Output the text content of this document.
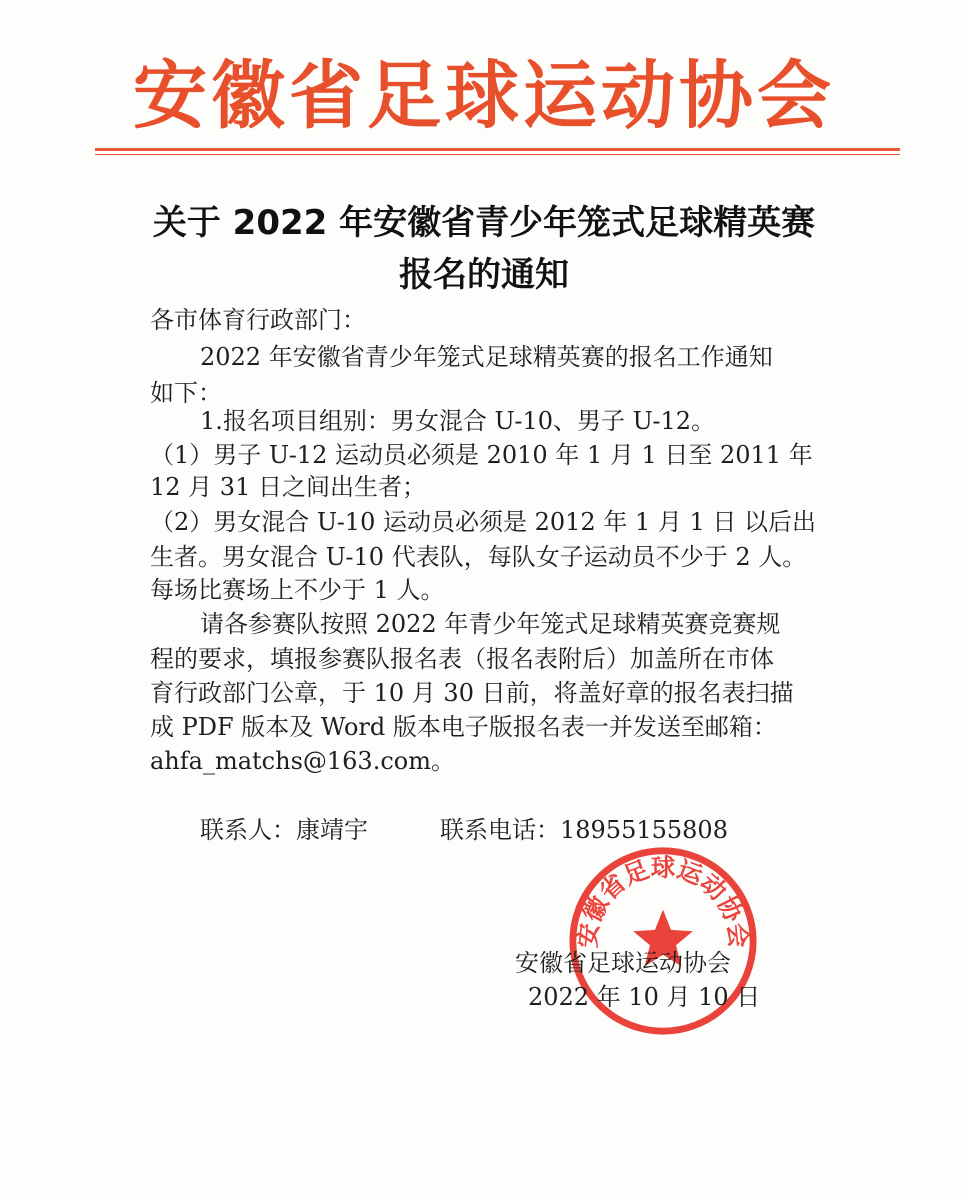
安徽省足球运动协会
关于 2022 年安徽省青少年笼式足球精英赛
报名的通知
各市体育行政部门：
2022 年安徽省青少年笼式足球精英赛的报名工作通知
如下：
1.报名项目组别：男女混合 U-10、男子 U-12。
（1）男子 U-12 运动员必须是 2010 年 1 月 1 日至 2011 年
12 月 31 日之间出生者；
（2）男女混合 U-10 运动员必须是 2012 年 1 月 1 日 以后出
生者。男女混合 U-10 代表队，每队女子运动员不少于 2 人。
每场比赛场上不少于 1 人。
请各参赛队按照 2022 年青少年笼式足球精英赛竞赛规
程的要求，填报参赛队报名表（报名表附后）加盖所在市体
育行政部门公章，于 10 月 30 日前，将盖好章的报名表扫描
成 PDF 版本及 Word 版本电子版报名表一并发送至邮箱：
ahfa_matchs@163.com。
联系人：康靖宇	联系电话：18955155808
安徽省足球运动协会
安徽省足球运动协会
2022 年 10 月 10 日
